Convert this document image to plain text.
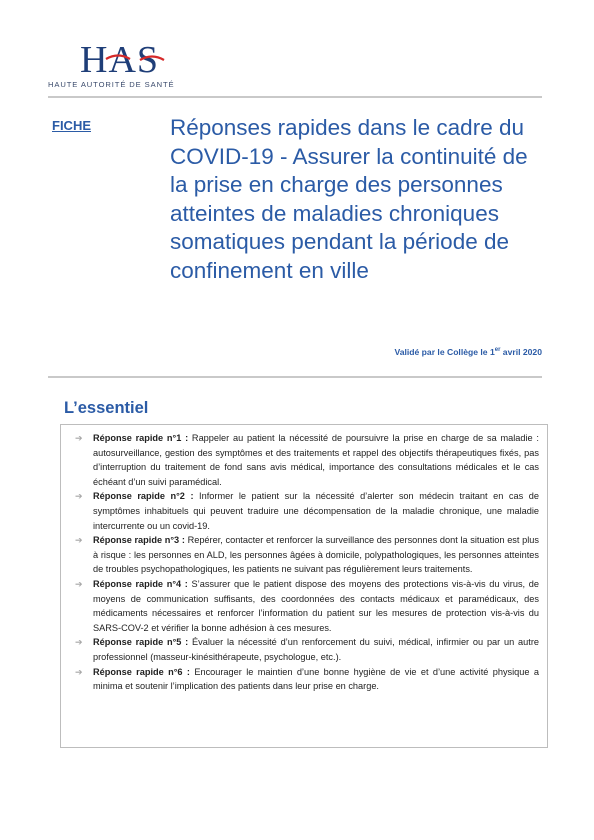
HAS
HAUTE AUTORITÉ DE SANTÉ
FICHE	Réponses rapides dans le cadre du COVID-19 - Assurer la continuité de la prise en charge des personnes atteintes de maladies chroniques somatiques pendant la période de confinement en ville
Validé par le Collège le 1er avril 2020
L’essentiel
➔ Réponse rapide n°1 : Rappeler au patient la nécessité de poursuivre la prise en charge de sa maladie : autosurveillance, gestion des symptômes et des traitements et rappel des objectifs thérapeutiques fixés, pas d’interruption du traitement de fond sans avis médical, importance des consultations médicales et le cas échéant d’un suivi paramédical.
➔ Réponse rapide n°2 : Informer le patient sur la nécessité d’alerter son médecin traitant en cas de symptômes inhabituels qui peuvent traduire une décompensation de la maladie chronique, une maladie intercurrente ou un covid-19.
➔ Réponse rapide n°3 : Repérer, contacter et renforcer la surveillance des personnes dont la situation est plus à risque : les personnes en ALD, les personnes âgées à domicile, polypathologiques, les personnes atteintes de troubles psychopathologiques, les patients ne suivant pas régulièrement leurs traitements.
➔ Réponse rapide n°4 : S’assurer que le patient dispose des moyens des protections vis-à-vis du virus, de moyens de communication suffisants, des coordonnées des contacts médicaux et paramédicaux, des médicaments nécessaires et renforcer l’information du patient sur les mesures de protection vis-à-vis du SARS-COV-2 et vérifier la bonne adhésion à ces mesures.
➔ Réponse rapide n°5 : Évaluer la nécessité d’un renforcement du suivi, médical, infirmier ou par un autre professionnel (masseur-kinésithérapeute, psychologue, etc.).
➔ Réponse rapide n°6 : Encourager le maintien d’une bonne hygiène de vie et d’une activité physique a minima et soutenir l’implication des patients dans leur prise en charge.
